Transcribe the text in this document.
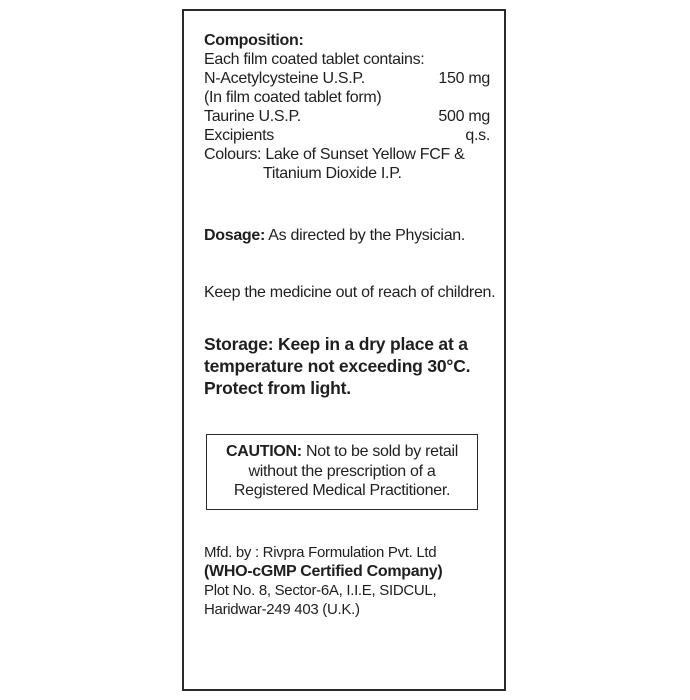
Composition:
Each film coated tablet contains:
N-Acetylcysteine U.S.P.	150 mg
(In film coated tablet form)
Taurine U.S.P.	500 mg
Excipients	q.s.
Colours: Lake of Sunset Yellow FCF &
Titanium Dioxide I.P.
Dosage: As directed by the Physician.
Keep the medicine out of reach of children.
Storage: Keep in a dry place at a
temperature not exceeding 30°C.
Protect from light.
CAUTION: Not to be sold by retail
without the prescription of a
Registered Medical Practitioner.
Mfd. by : Rivpra Formulation Pvt. Ltd
(WHO-cGMP Certified Company)
Plot No. 8, Sector-6A, I.I.E, SIDCUL,
Haridwar-249 403 (U.K.)
